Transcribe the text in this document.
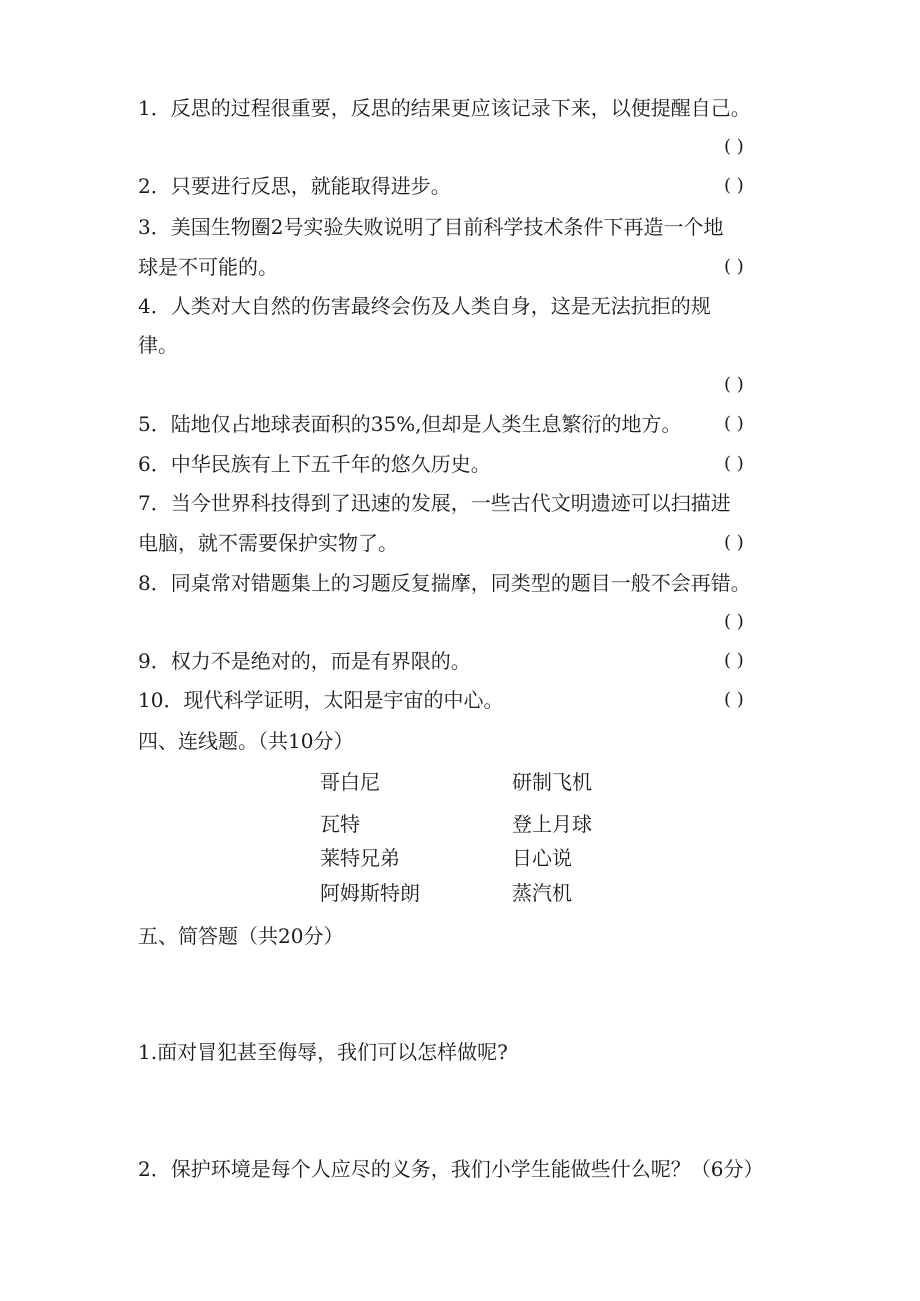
1．反思的过程很重要，反思的结果更应该记录下来，以便提醒自己。
( )
2．只要进行反思，就能取得进步。	( )
3．美国生物圈2号实验失败说明了目前科学技术条件下再造一个地
球是不可能的。	( )
4．人类对大自然的伤害最终会伤及人类自身，这是无法抗拒的规
律。
( )
5．陆地仅占地球表面积的35%,但却是人类生息繁衍的地方。 ( )
6．中华民族有上下五千年的悠久历史。	( )
7．当今世界科技得到了迅速的发展，一些古代文明遗迹可以扫描进
电脑，就不需要保护实物了。	( )
8．同桌常对错题集上的习题反复揣摩，同类型的题目一般不会再错。
( )
9．权力不是绝对的，而是有界限的。	( )
10．现代科学证明，太阳是宇宙的中心。	( )
四、连线题。（共10分）
哥白尼	研制飞机
瓦特	登上月球
莱特兄弟	日心说
阿姆斯特朗	蒸汽机
五、简答题（共20分）
1.面对冒犯甚至侮辱，我们可以怎样做呢?
2．保护环境是每个人应尽的义务，我们小学生能做些什么呢？（6分）
